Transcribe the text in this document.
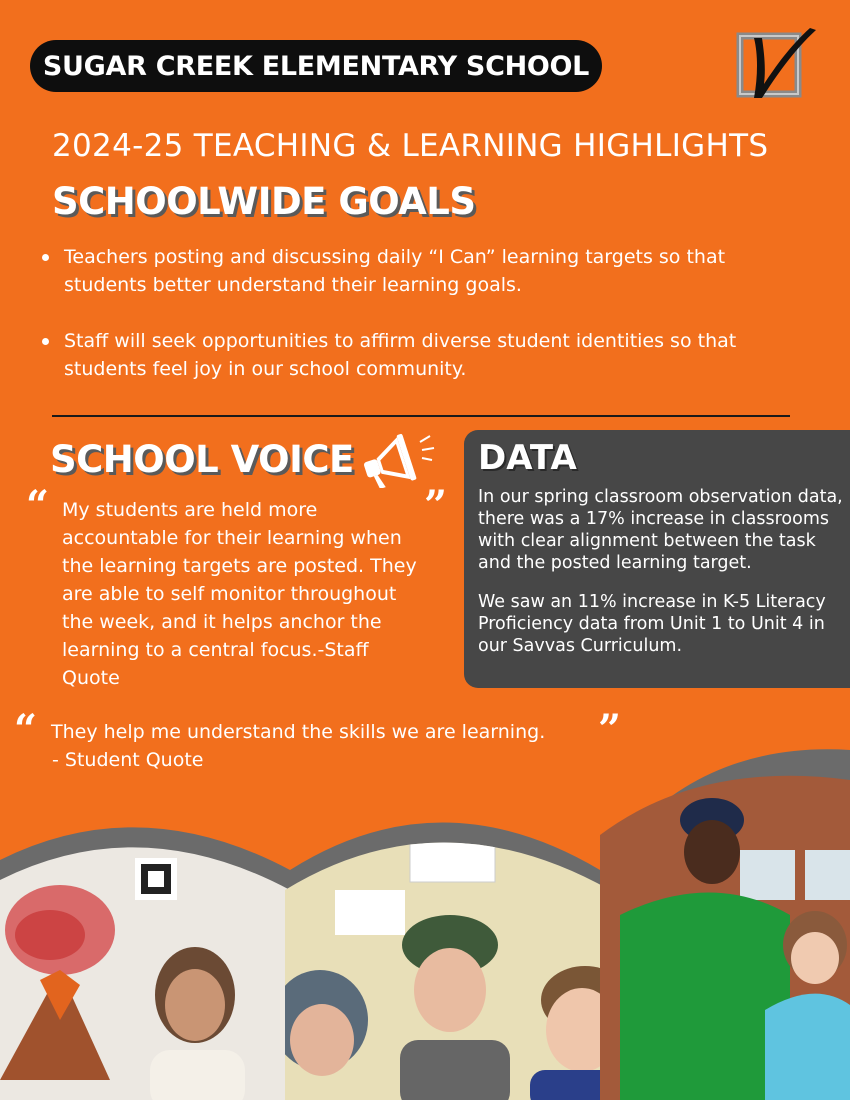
SUGAR CREEK ELEMENTARY SCHOOL
2024-25 TEACHING & LEARNING HIGHLIGHTS
SCHOOLWIDE GOALS
Teachers posting and discussing daily “I Can” learning targets so that students better understand their learning goals.
Staff will seek opportunities to affirm diverse student identities so that students feel joy in our school community.
SCHOOL VOICE
“	”
My students are held more accountable for their learning when the learning targets are posted. They are able to self monitor throughout the week, and it helps anchor the learning to a central focus.-Staff Quote
“	”
They help me understand the skills we are learning.
- Student Quote
DATA

In our spring classroom observation data, there was a 17% increase in classrooms with clear alignment between the task and the posted learning target.

We saw an 11% increase in K-5 Literacy Proficiency data from Unit 1 to Unit 4 in our Savvas Curriculum.
